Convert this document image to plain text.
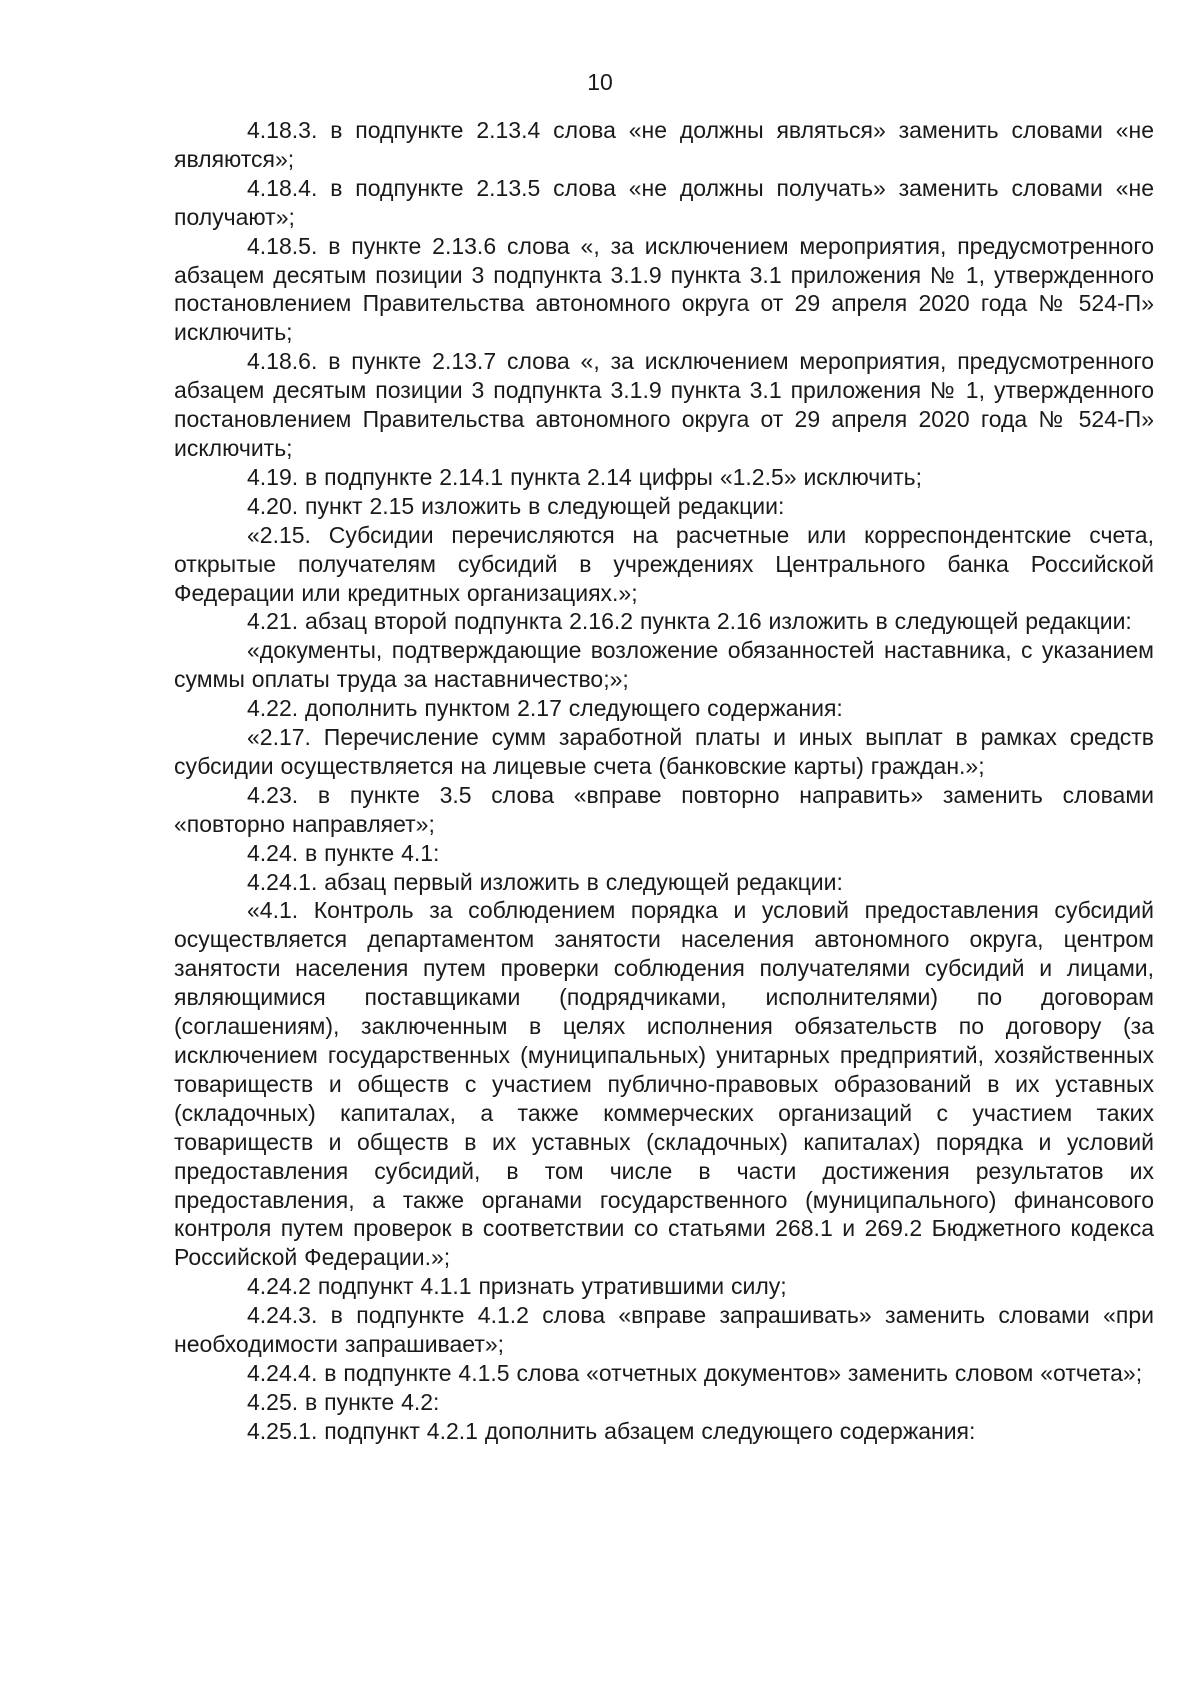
10

4.18.3. в подпункте 2.13.4 слова «не должны являться» заменить словами «не являются»;

4.18.4. в подпункте 2.13.5 слова «не должны получать» заменить словами «не получают»;

4.18.5. в пункте 2.13.6 слова «, за исключением мероприятия, предусмотренного абзацем десятым позиции 3 подпункта 3.1.9 пункта 3.1 приложения № 1, утвержденного постановлением Правительства автономного округа от 29 апреля 2020 года № 524-П» исключить;

4.18.6. в пункте 2.13.7 слова «, за исключением мероприятия, предусмотренного абзацем десятым позиции 3 подпункта 3.1.9 пункта 3.1 приложения № 1, утвержденного постановлением Правительства автономного округа от 29 апреля 2020 года № 524-П» исключить;

4.19. в подпункте 2.14.1 пункта 2.14 цифры «1.2.5» исключить;

4.20. пункт 2.15 изложить в следующей редакции:

«2.15. Субсидии перечисляются на расчетные или корреспондентские счета, открытые получателям субсидий в учреждениях Центрального банка Российской Федерации или кредитных организациях.»;

4.21. абзац второй подпункта 2.16.2 пункта 2.16 изложить в следующей редакции:

«документы, подтверждающие возложение обязанностей наставника, с указанием суммы оплаты труда за наставничество;»;

4.22. дополнить пунктом 2.17 следующего содержания:

«2.17. Перечисление сумм заработной платы и иных выплат в рамках средств субсидии осуществляется на лицевые счета (банковские карты) граждан.»;

4.23. в пункте 3.5 слова «вправе повторно направить» заменить словами «повторно направляет»;

4.24. в пункте 4.1:

4.24.1. абзац первый изложить в следующей редакции:

«4.1. Контроль за соблюдением порядка и условий предоставления субсидий осуществляется департаментом занятости населения автономного округа, центром занятости населения путем проверки соблюдения получателями субсидий и лицами, являющимися поставщиками (подрядчиками, исполнителями) по договорам (соглашениям), заключенным в целях исполнения обязательств по договору (за исключением государственных (муниципальных) унитарных предприятий, хозяйственных товариществ и обществ с участием публично-правовых образований в их уставных (складочных) капиталах, а также коммерческих организаций с участием таких товариществ и обществ в их уставных (складочных) капиталах) порядка и условий предоставления субсидий, в том числе в части достижения результатов их предоставления, а также органами государственного (муниципального) финансового контроля путем проверок в соответствии со статьями 268.1 и 269.2 Бюджетного кодекса Российской Федерации.»;

4.24.2 подпункт 4.1.1 признать утратившими силу;

4.24.3. в подпункте 4.1.2 слова «вправе запрашивать» заменить словами «при необходимости запрашивает»;

4.24.4. в подпункте 4.1.5 слова «отчетных документов» заменить словом «отчета»;

4.25. в пункте 4.2:

4.25.1. подпункт 4.2.1 дополнить абзацем следующего содержания:
